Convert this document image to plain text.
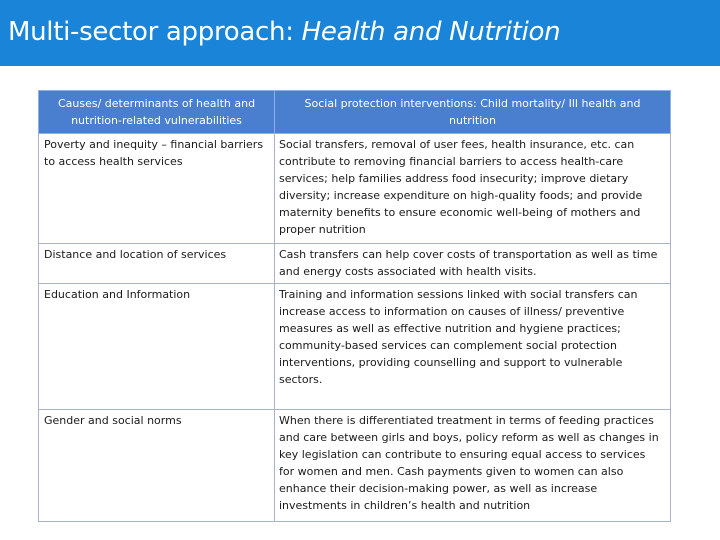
Multi-sector approach: Health and Nutrition
Causes/ determinants of health and nutrition-related vulnerabilities	Social protection interventions: Child mortality/ Ill health and nutrition
Poverty and inequity – financial barriers to access health services	Social transfers, removal of user fees, health insurance, etc. can contribute to removing financial barriers to access health-care services; help families address food insecurity; improve dietary diversity; increase expenditure on high-quality foods; and provide maternity benefits to ensure economic well-being of mothers and proper nutrition
Distance and location of services	Cash transfers can help cover costs of transportation as well as time and energy costs associated with health visits.
Education and Information	Training and information sessions linked with social transfers can increase access to information on causes of illness/ preventive measures as well as effective nutrition and hygiene practices; community-based services can complement social protection interventions, providing counselling and support to vulnerable sectors.
Gender and social norms	When there is differentiated treatment in terms of feeding practices and care between girls and boys, policy reform as well as changes in key legislation can contribute to ensuring equal access to services for women and men. Cash payments given to women can also enhance their decision-making power, as well as increase investments in children’s health and nutrition
